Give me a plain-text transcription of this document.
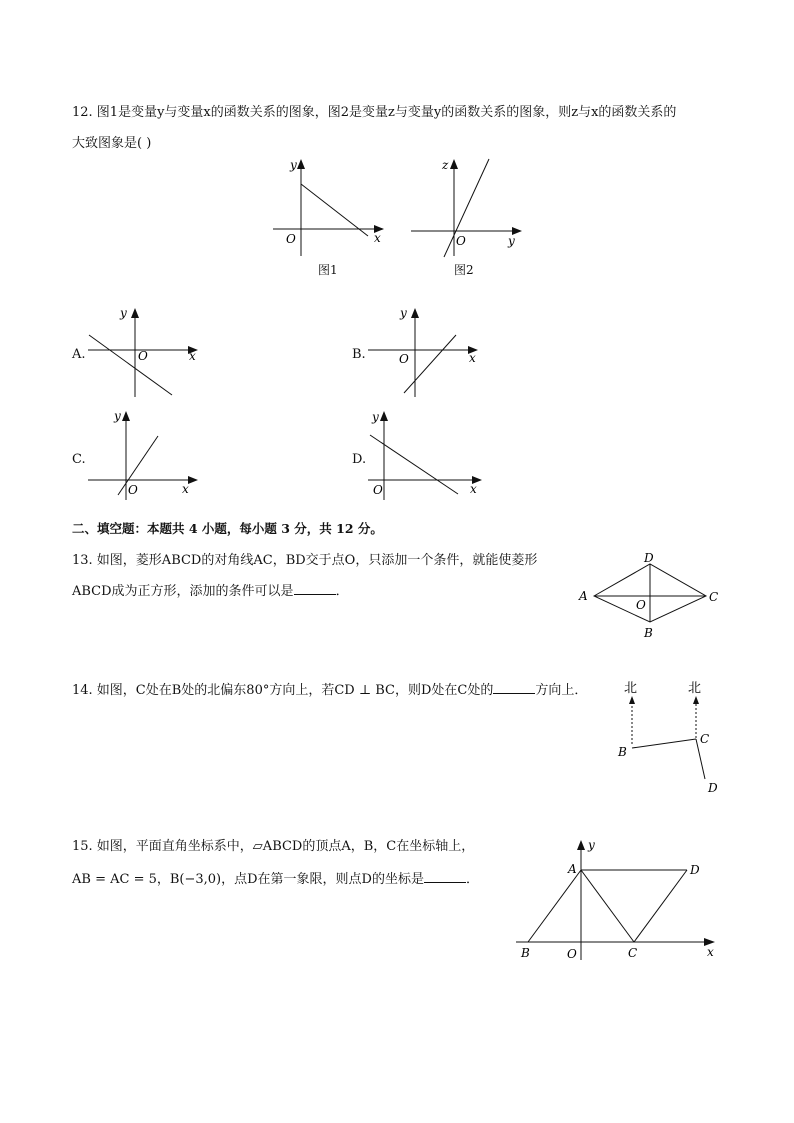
12. 图1是变量y与变量x的函数关系的图象，图2是变量z与变量y的函数关系的图象，则z与x的函数关系的
大致图象是( )
y
x
O
图1
z
y
O
图2
A.
y
x
O	B.
y
x
O
C.
y
x
O
D.
y
x
O
二、填空题：本题共 4 小题，每小题 3 分，共 12 分。
13. 如图，菱形ABCD的对角线AC，BD交于点O，只添加一个条件，就能使菱形
ABCD成为正方形，添加的条件可以是	．	A
D
C
B
O
14. 如图，C处在B处的北偏东80°方向上，若CD ⊥ BC，则D处在C处的	方向上．	北	北
B
C
D
15. 如图，平面直角坐标系中，▱ABCD的顶点A，B，C在坐标轴上，
AB = AC = 5，B(−3,0)，点D在第一象限，则点D的坐标是	．
y
x
A	D
B	O	C
